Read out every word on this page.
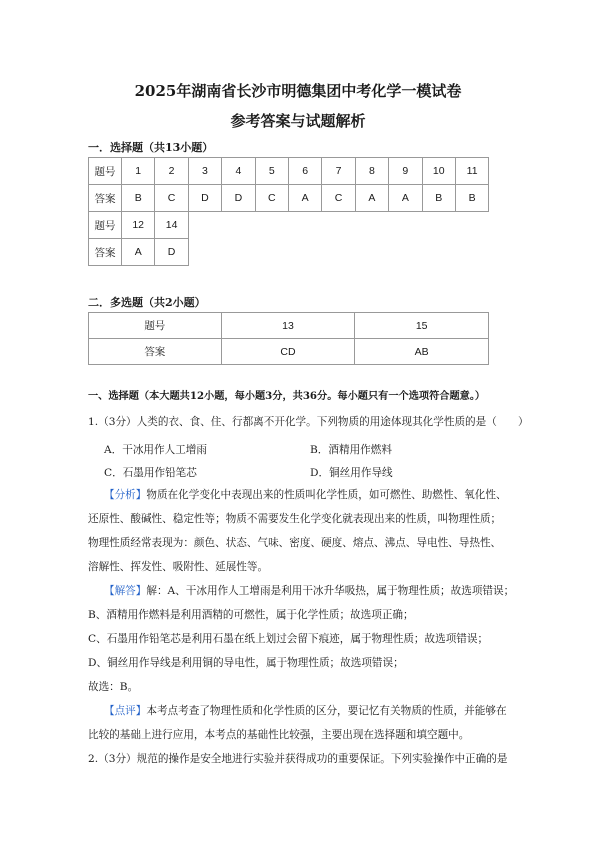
2025年湖南省长沙市明德集团中考化学一模试卷
参考答案与试题解析
一．选择题（共13小题）
题号	1	2	3	4	5	6	7	8	9	10	11
答案	B	C	D	D	C	A	C	A	A	B	B
题号	12	14									
答案	A	D									
二．多选题（共2小题）
题号	13	15
答案	CD	AB
一、选择题（本大题共12小题，每小题3分，共36分。每小题只有一个选项符合题意。）
1.（3分）人类的衣、食、住、行都离不开化学。下列物质的用途体现其化学性质的是（　　）
A．干冰用作人工增雨	B．酒精用作燃料
C．石墨用作铅笔芯	D．铜丝用作导线
【分析】物质在化学变化中表现出来的性质叫化学性质，如可燃性、助燃性、氧化性、
还原性、酸碱性、稳定性等；物质不需要发生化学变化就表现出来的性质，叫物理性质；
物理性质经常表现为：颜色、状态、气味、密度、硬度、熔点、沸点、导电性、导热性、
溶解性、挥发性、吸附性、延展性等。
【解答】解：A、干冰用作人工增雨是利用干冰升华吸热，属于物理性质；故选项错误；
B、酒精用作燃料是利用酒精的可燃性，属于化学性质；故选项正确；
C、石墨用作铅笔芯是利用石墨在纸上划过会留下痕迹，属于物理性质；故选项错误；
D、铜丝用作导线是利用铜的导电性，属于物理性质；故选项错误；
故选：B。
【点评】本考点考查了物理性质和化学性质的区分，要记忆有关物质的性质，并能够在
比较的基础上进行应用，本考点的基础性比较强，主要出现在选择题和填空题中。
2.（3分）规范的操作是安全地进行实验并获得成功的重要保证。下列实验操作中正确的是
